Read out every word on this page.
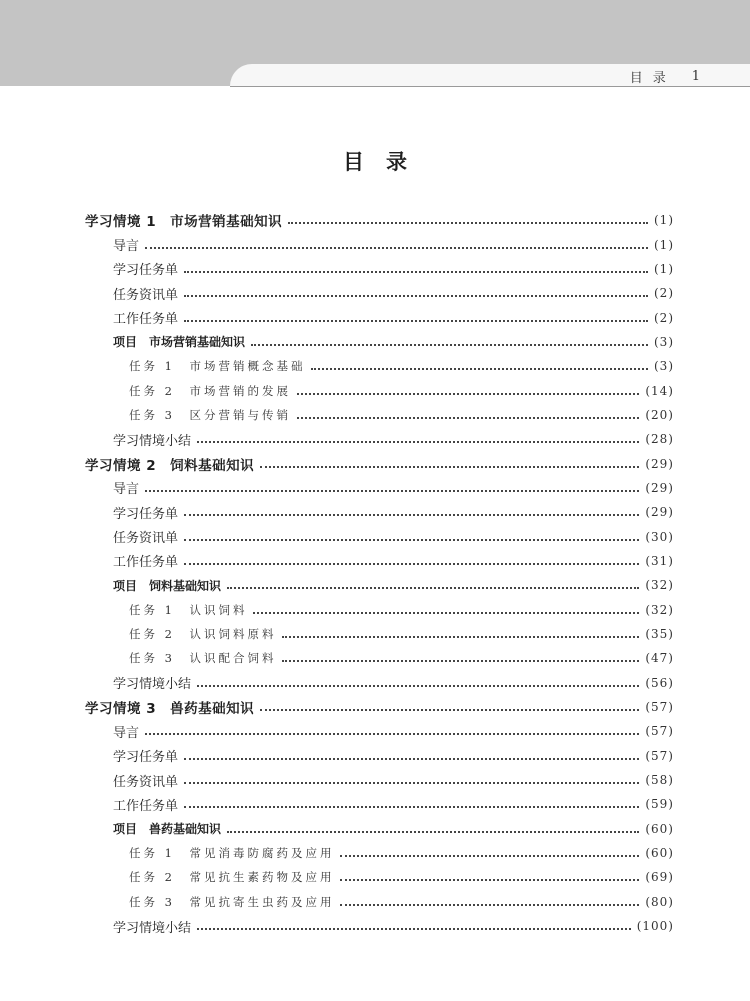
目录 1
目录
学习情境 1　市场营销基础知识	(1)
导言	(1)
学习任务单	(1)
任务资讯单	(2)
工作任务单	(2)
项目　市场营销基础知识	(3)
任务 1　市场营销概念基础	(3)
任务 2　市场营销的发展	(14)
任务 3　区分营销与传销	(20)
学习情境小结	(28)
学习情境 2　饲料基础知识	(29)
导言	(29)
学习任务单	(29)
任务资讯单	(30)
工作任务单	(31)
项目　饲料基础知识	(32)
任务 1　认识饲料	(32)
任务 2　认识饲料原料	(35)
任务 3　认识配合饲料	(47)
学习情境小结	(56)
学习情境 3　兽药基础知识	(57)
导言	(57)
学习任务单	(57)
任务资讯单	(58)
工作任务单	(59)
项目　兽药基础知识	(60)
任务 1　常见消毒防腐药及应用	(60)
任务 2　常见抗生素药物及应用	(69)
任务 3　常见抗寄生虫药及应用	(80)
学习情境小结	(100)
